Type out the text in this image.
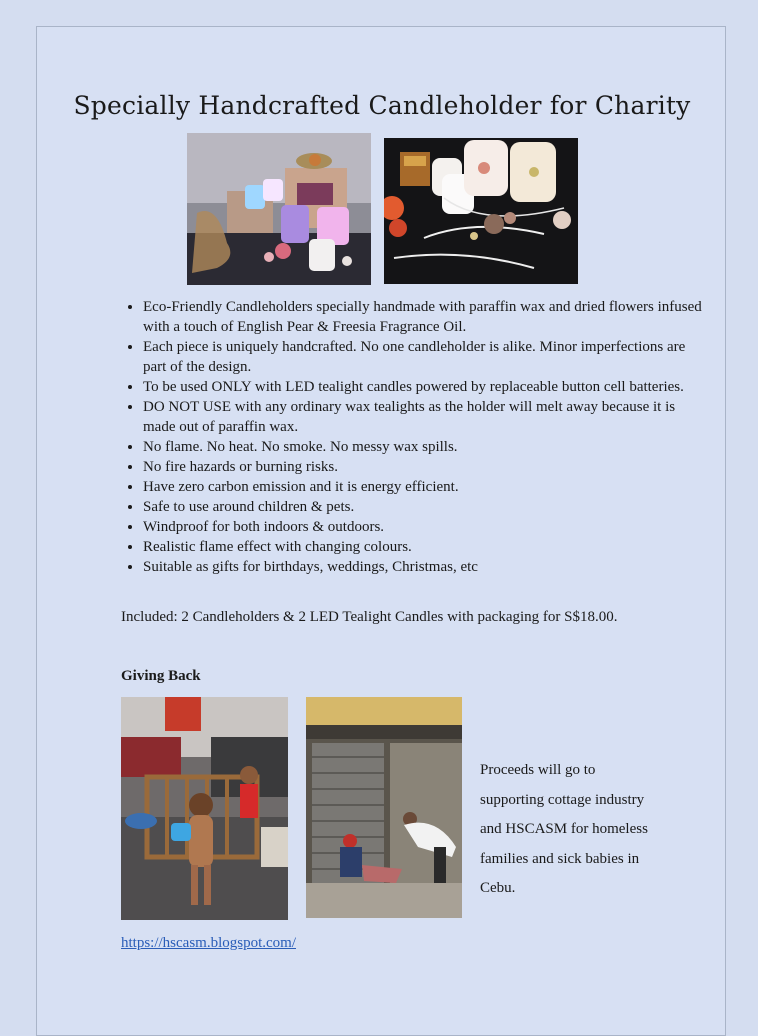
Specially Handcrafted Candleholder for Charity
• Eco-Friendly Candleholders specially handmade with paraffin wax and dried flowers infused with a touch of English Pear & Freesia Fragrance Oil.
• Each piece is uniquely handcrafted. No one candleholder is alike. Minor imperfections are part of the design.
• To be used ONLY with LED tealight candles powered by replaceable button cell batteries.
• DO NOT USE with any ordinary wax tealights as the holder will melt away because it is made out of paraffin wax.
• No flame. No heat. No smoke. No messy wax spills.
• No fire hazards or burning risks.
• Have zero carbon emission and it is energy efficient.
• Safe to use around children & pets.
• Windproof for both indoors & outdoors.
• Realistic flame effect with changing colours.
• Suitable as gifts for birthdays, weddings, Christmas, etc
Included: 2 Candleholders & 2 LED Tealight Candles with packaging for S$18.00.
Giving Back
Proceeds will go to
supporting cottage industry
and HSCASM for homeless
families and sick babies in
Cebu.
https://hscasm.blogspot.com/
